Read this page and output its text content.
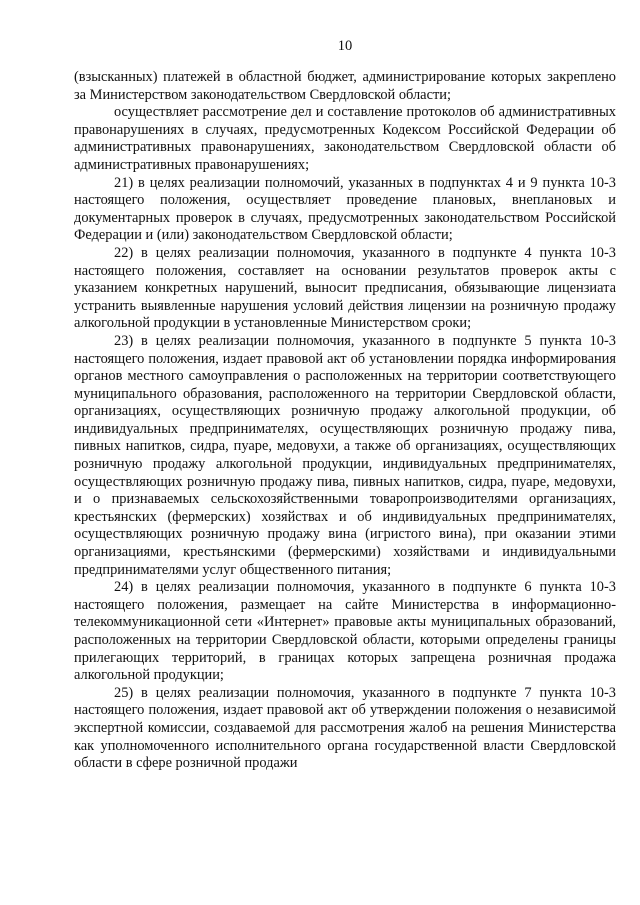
10

(взысканных) платежей в областной бюджет, администрирование которых закреплено за Министерством законодательством Свердловской области;

осуществляет рассмотрение дел и составление протоколов об административных правонарушениях в случаях, предусмотренных Кодексом Российской Федерации об административных правонарушениях, законодательством Свердловской области об административных правонарушениях;

21) в целях реализации полномочий, указанных в подпунктах 4 и 9 пункта 10-3 настоящего положения, осуществляет проведение плановых, внеплановых и документарных проверок в случаях, предусмотренных законодательством Российской Федерации и (или) законодательством Свердловской области;

22) в целях реализации полномочия, указанного в подпункте 4 пункта 10-3 настоящего положения, составляет на основании результатов проверок акты с указанием конкретных нарушений, выносит предписания, обязывающие лицензиата устранить выявленные нарушения условий действия лицензии на розничную продажу алкогольной продукции в установленные Министерством сроки;

23) в целях реализации полномочия, указанного в подпункте 5 пункта 10-3 настоящего положения, издает правовой акт об установлении порядка информирования органов местного самоуправления о расположенных на территории соответствующего муниципального образования, расположенного на территории Свердловской области, организациях, осуществляющих розничную продажу алкогольной продукции, об индивидуальных предпринимателях, осуществляющих розничную продажу пива, пивных напитков, сидра, пуаре, медовухи, а также об организациях, осуществляющих розничную продажу алкогольной продукции, индивидуальных предпринимателях, осуществляющих розничную продажу пива, пивных напитков, сидра, пуаре, медовухи, и о признаваемых сельскохозяйственными товаропроизводителями организациях, крестьянских (фермерских) хозяйствах и об индивидуальных предпринимателях, осуществляющих розничную продажу вина (игристого вина), при оказании этими организациями, крестьянскими (фермерскими) хозяйствами и индивидуальными предпринимателями услуг общественного питания;

24) в целях реализации полномочия, указанного в подпункте 6 пункта 10-3 настоящего положения, размещает на сайте Министерства в информационно-телекоммуникационной сети «Интернет» правовые акты муниципальных образований, расположенных на территории Свердловской области, которыми определены границы прилегающих территорий, в границах которых запрещена розничная продажа алкогольной продукции;

25) в целях реализации полномочия, указанного в подпункте 7 пункта 10-3 настоящего положения, издает правовой акт об утверждении положения о независимой экспертной комиссии, создаваемой для рассмотрения жалоб на решения Министерства как уполномоченного исполнительного органа государственной власти Свердловской области в сфере розничной продажи
